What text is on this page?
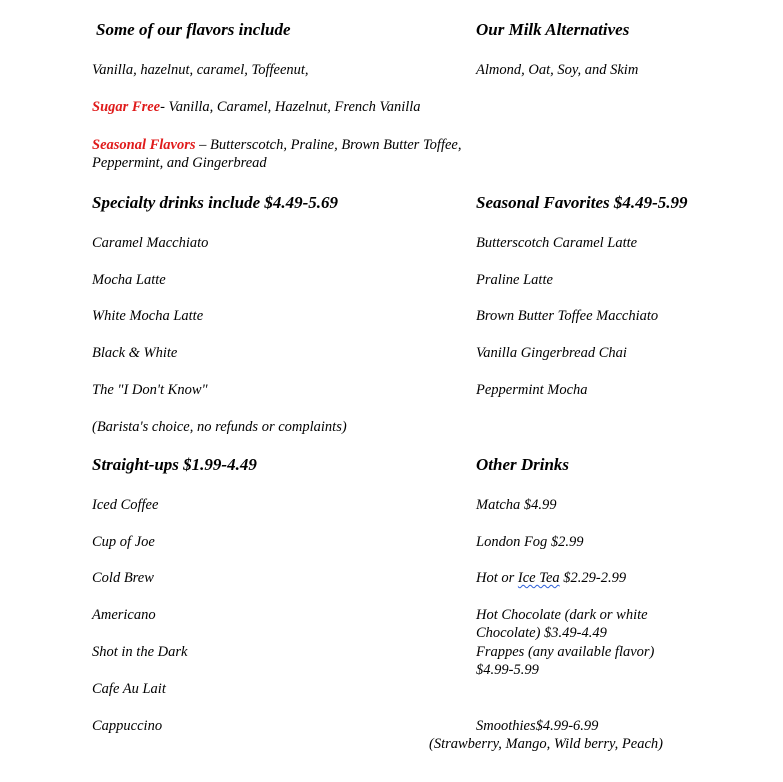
Some of our flavors include
Vanilla, hazelnut, caramel, Toffeenut,
Sugar Free- Vanilla, Caramel, Hazelnut, French Vanilla
Seasonal Flavors – Butterscotch, Praline, Brown Butter Toffee, Peppermint, and Gingerbread
Our Milk Alternatives
Almond, Oat, Soy, and Skim
Specialty drinks include $4.49-5.69
Caramel Macchiato
Mocha Latte
White Mocha Latte
Black & White
The "I Don't Know"
(Barista's choice, no refunds or complaints)
Seasonal Favorites $4.49-5.99
Butterscotch Caramel Latte
Praline Latte
Brown Butter Toffee Macchiato
Vanilla Gingerbread Chai
Peppermint Mocha
Straight-ups $1.99-4.49
Iced Coffee
Cup of Joe
Cold Brew
Americano
Shot in the Dark
Cafe Au Lait
Cappuccino
Other Drinks
Matcha $4.99
London Fog $2.99
Hot or Ice Tea $2.29-2.99
Hot Chocolate (dark or white
Chocolate) $3.49-4.49
Frappes (any available flavor)
$4.99-5.99
Smoothies$4.99-6.99
(Strawberry, Mango, Wild berry, Peach)
